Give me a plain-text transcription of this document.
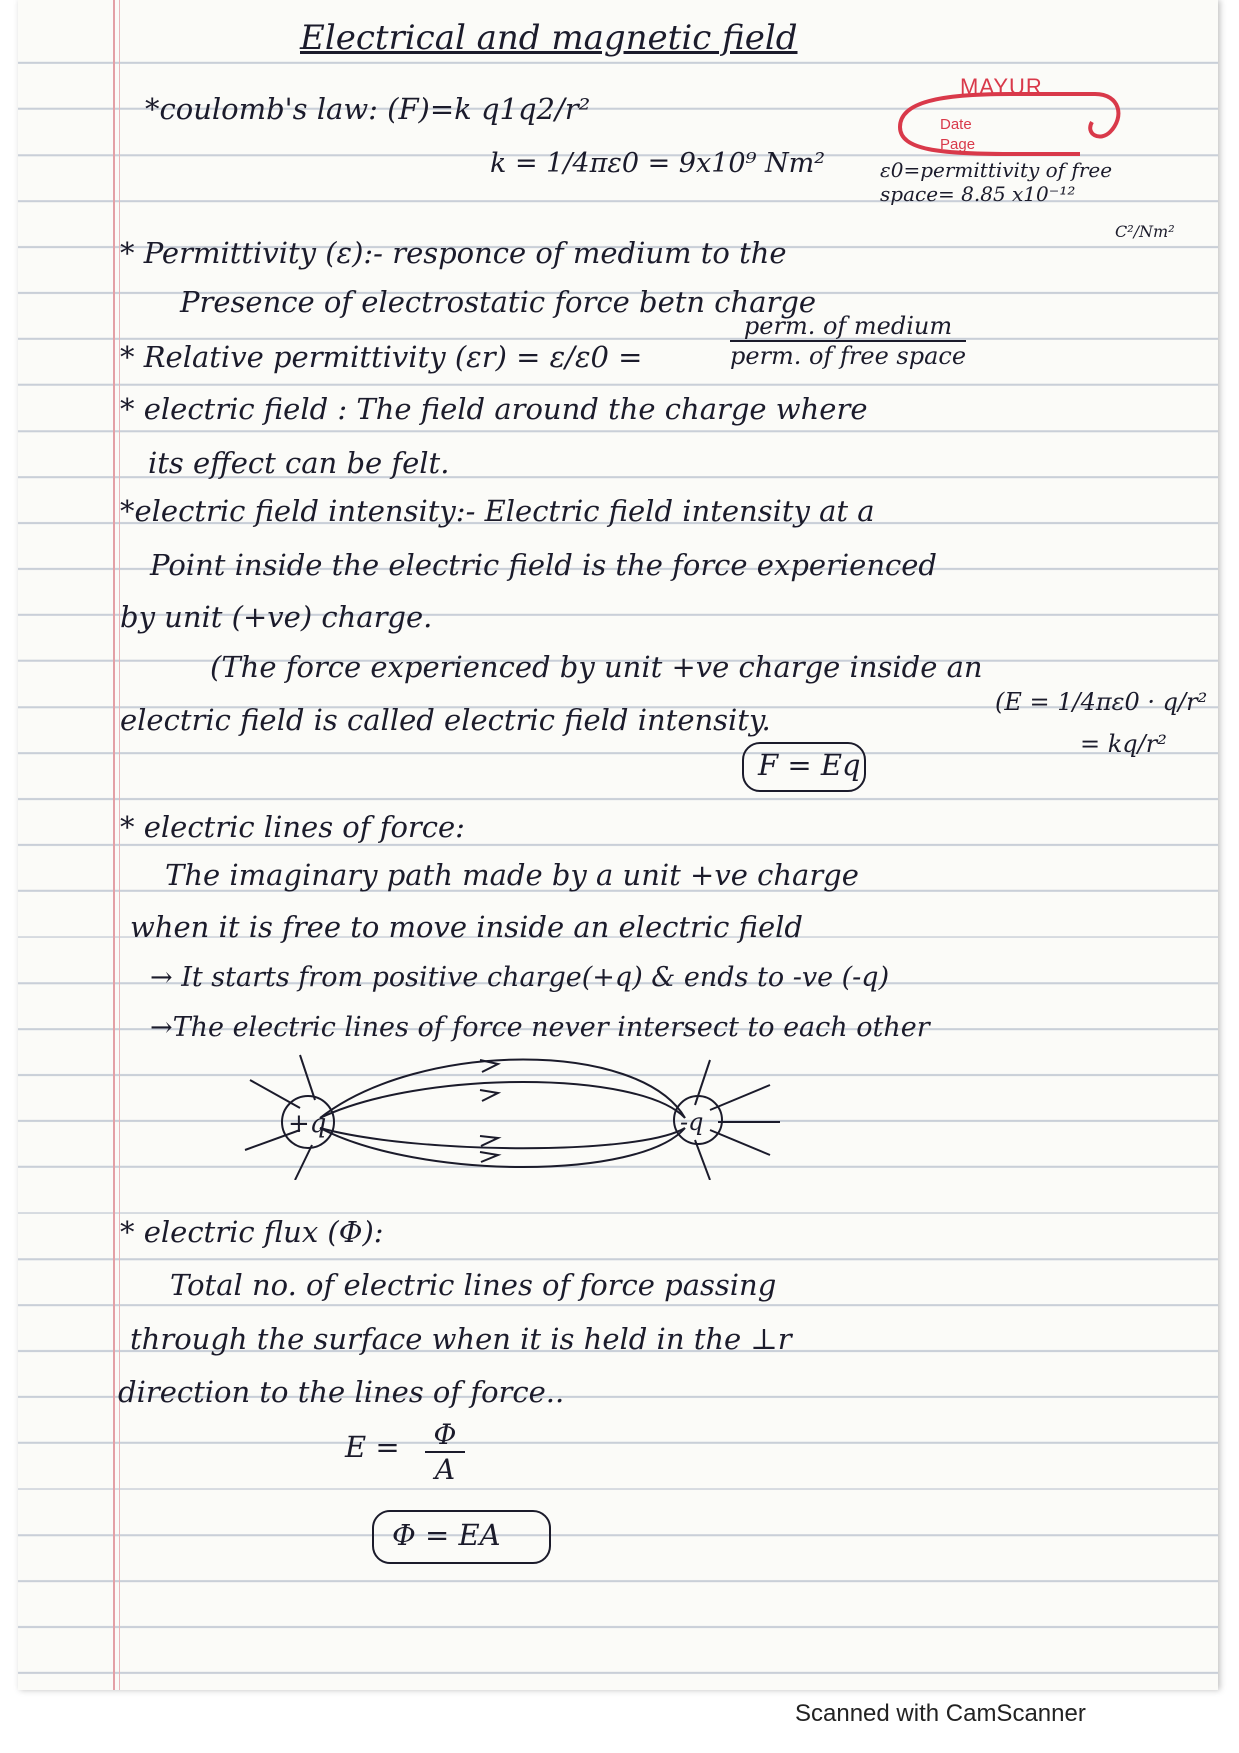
Electrical and magnetic field
MAYUR
Date
Page
*coulomb's law: (F)=k q1q2/r²
k = 1/4πε0 = 9x10⁹ Nm²	ε0=permittivity of free space= 8.85 x10⁻¹²
C²/Nm²
* Permittivity (ε):- responce of medium to the
Presence of electrostatic force betn charge
* Relative permittivity (εr) = ε/ε0 =
perm. of medium
perm. of free space
* electric field : The field around the charge where
its effect can be felt.
*electric field intensity:- Electric field intensity at a
Point inside the electric field is the force experienced
by unit (+ve) charge.
(The force experienced by unit +ve charge inside an
electric field is called electric field intensity.
(E = 1/4πε0 · q/r²
= kq/r²
F = Eq
* electric lines of force:
The imaginary path made by a unit +ve charge
when it is free to move inside an electric field
→ It starts from positive charge(+q) & ends to -ve (-q)
→The electric lines of force never intersect to each other
+q	-q
* electric flux (Φ):
Total no. of electric lines of force passing
through the surface when it is held in the ⊥r
direction to the lines of force..
$E = \frac{\Phi}{A}$
Φ = EA
Scanned with CamScanner
